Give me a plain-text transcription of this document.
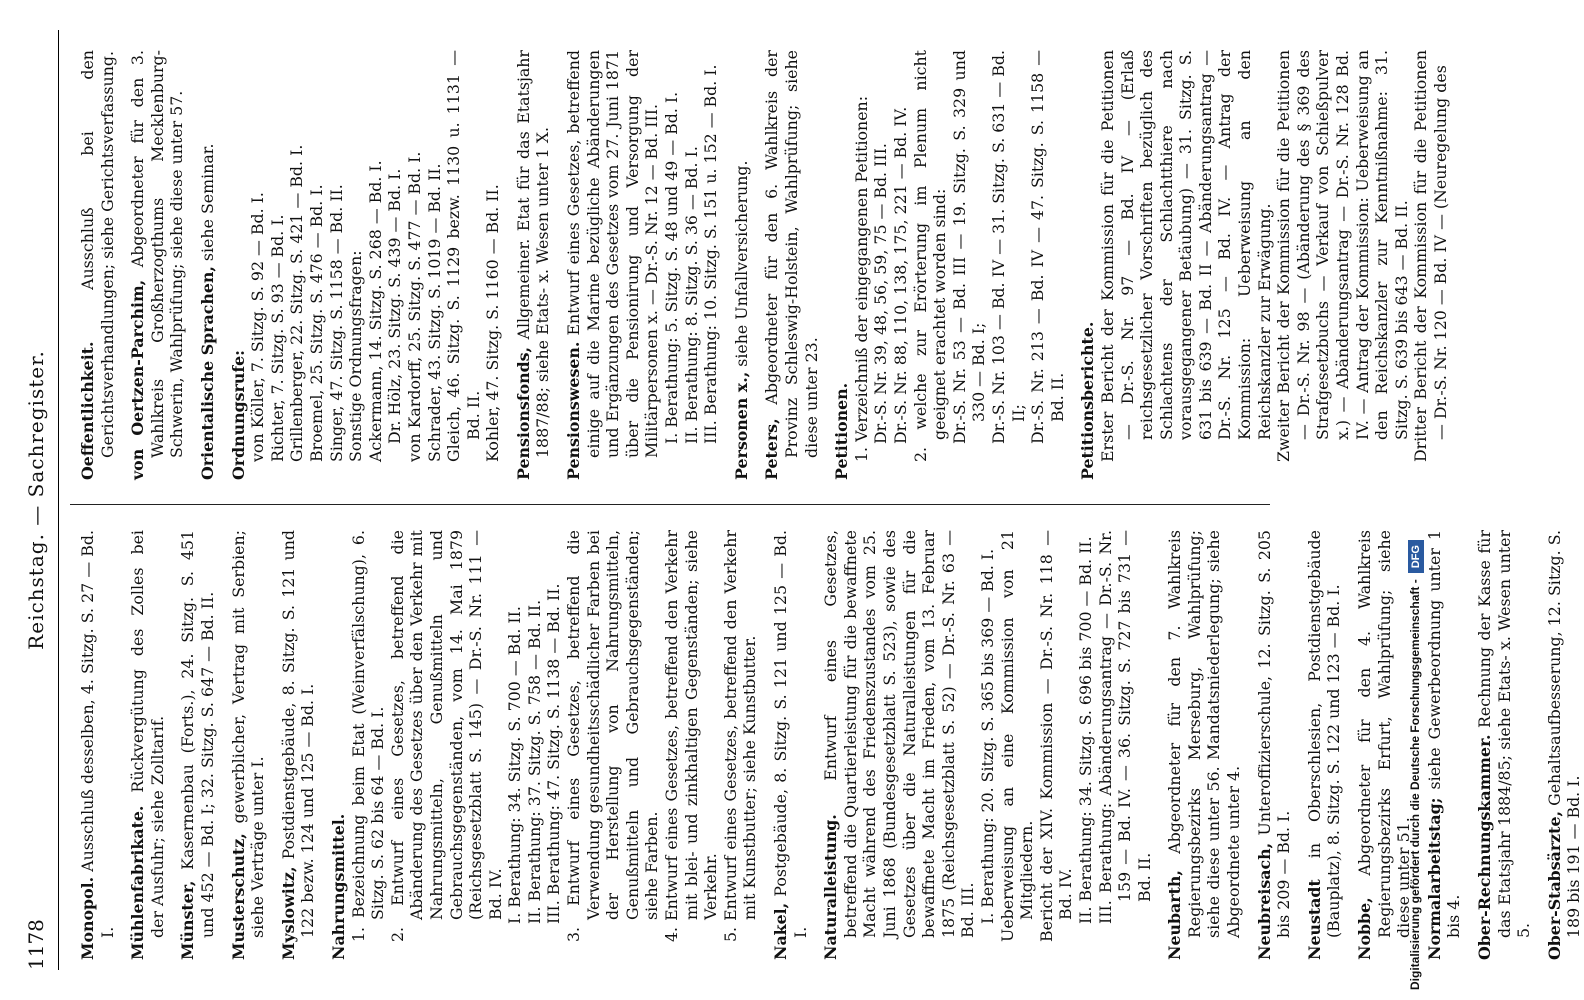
1178
Reichstag. — Sachregister.
Monopol. Ausschluß desselben, 4. Sitzg. S. 27 — Bd. I. Mühlenfabrikate. Rückvergütung des Zolles bei der Ausfuhr; siehe Zolltarif. Münster, Kasernenbau (Forts.), 24. Sitzg. S. 451 und 452 — Bd. I; 32. Sitzg. S. 647 — Bd. II. Musterschutz, gewerblicher, Vertrag mit Serbien; siehe Verträge unter I. Myslowitz, Postdienstgebäude, 8. Sitzg. S. 121 und 122 bezw. 124 und 125 — Bd. I. Nahrungsmittel. 1. Bezeichnung beim Etat (Weinverfälschung), 6. Sitzg. S. 62 bis 64 — Bd. I. 2. Entwurf eines Gesetzes, betreffend die Abänderung des Gesetzes über den Verkehr mit Nahrungsmitteln, Genußmitteln und Gebrauchsgegenständen, vom 14. Mai 1879 (Reichsgesetzblatt S. 145) — Dr.-S. Nr. 111 — Bd. IV. I. Berathung: 34. Sitzg. S. 700 — Bd. II. II. Berathung: 37. Sitzg. S. 758 — Bd. II. III. Berathung: 47. Sitzg. S. 1138 — Bd. II. 3. Entwurf eines Gesetzes, betreffend die Verwendung gesundheitsschädlicher Farben bei der Herstellung von Nahrungsmitteln, Genußmitteln und Gebrauchsgegenständen; siehe Farben. 4. Entwurf eines Gesetzes, betreffend den Verkehr mit blei- und zinkhaltigen Gegenständen; siehe Verkehr. 5. Entwurf eines Gesetzes, betreffend den Verkehr mit Kunstbutter; siehe Kunstbutter.
Nakel, Postgebäude, 8. Sitzg. S. 121 und 125 — Bd. I. Naturalleistung. Entwurf eines Gesetzes, betreffend die Quartierleistung für die bewaffnete Macht während des Friedenszustandes vom 25. Juni 1868 (Bundesgesetzblatt S. 523), sowie des Gesetzes über die Naturalleistungen für die bewaffnete Macht im Frieden, vom 13. Februar 1875 (Reichsgesetzblatt S. 52) — Dr.-S. Nr. 63 — Bd. III. I. Berathung: 20. Sitzg. S. 365 bis 369 — Bd. I. Ueberweisung an eine Kommission von 21 Mitgliedern. Bericht der XIV. Kommission — Dr.-S. Nr. 118 — Bd. IV. II. Berathung: 34. Sitzg. S. 696 bis 700 — Bd. II. III. Berathung: Abänderungsantrag — Dr.-S. Nr. 159 — Bd. IV. — 36. Sitzg. S. 727 bis 731 — Bd. II. Neubarth, Abgeordneter für den 7. Wahlkreis Regierungsbezirks Merseburg, Wahlprüfung; siehe diese unter 56. Mandatsniederlegung; siehe Abgeordnete unter 4. Neubreisach, Unteroffizierschule, 12. Sitzg. S. 205 bis 209 — Bd. I. Neustadt in Oberschlesien, Postdienstgebäude (Bauplatz), 8. Sitzg. S. 122 und 123 — Bd. I. Nobbe, Abgeordneter für den 4. Wahlkreis Regierungsbezirks Erfurt, Wahlprüfung; siehe diese unter 51. Normalarbeitstag; siehe Gewerbeordnung unter 1 bis 4. Ober-Rechnungskammer. Rechnung der Kasse für das Etatsjahr 1884/85; siehe Etats- x. Wesen unter 5. Ober-Stabsärzte, Gehaltsaufbesserung, 12. Sitzg. S. 189 bis 191 — Bd. I.
Oeffentlichkeit. Ausschluß bei den Gerichtsverhandlungen; siehe Gerichtsverfassung. von Oertzen-Parchim, Abgeordneter für den 3. Wahlkreis Großherzogthums Mecklenburg-Schwerin, Wahlprüfung; siehe diese unter 57. Orientalische Sprachen, siehe Seminar.
Ordnungsrufe: von Köller, 7. Sitzg. S. 92 — Bd. I. Richter, 7. Sitzg. S. 93 — Bd. I. Grillenberger, 22. Sitzg. S. 421 — Bd. I. Broemel, 25. Sitzg. S. 476 — Bd. I. Singer, 47. Sitzg. S. 1158 — Bd. II. Sonstige Ordnungsfragen: Ackermann, 14. Sitzg. S. 268 — Bd. I. Dr. Hölz, 23. Sitzg. S. 439 — Bd. I. von Kardorff, 25. Sitzg. S. 477 — Bd. I. Schrader, 43. Sitzg. S. 1019 — Bd. II. Gleich, 46. Sitzg. S. 1129 bezw. 1130 u. 1131 — Bd. II. Kohler, 47. Sitzg. S. 1160 — Bd. II. Pensionsfonds, Allgemeiner. Etat für das Etatsjahr 1887/88; siehe Etats- x. Wesen unter 1 X. Pensionswesen. Entwurf eines Gesetzes, betreffend einige auf die Marine bezügliche Abänderungen und Ergänzungen des Gesetzes vom 27. Juni 1871 über die Pensionirung und Versorgung der Militärpersonen x. — Dr.-S. Nr. 12 — Bd. III. I. Berathung: 5. Sitzg. S. 48 und 49 — Bd. I. II. Berathung: 8. Sitzg. S. 36 — Bd. I. III. Berathung: 10. Sitzg. S. 151 u. 152 — Bd. I. Personen x., siehe Unfallversicherung.
Peters, Abgeordneter für den 6. Wahlkreis der Provinz Schleswig-Holstein, Wahlprüfung; siehe diese unter 23. Petitionen. 1. Verzeichniß der eingegangenen Petitionen: Dr.-S. Nr. 39, 48, 56, 59, 75 — Bd. III. Dr.-S. Nr. 88, 110, 138, 175, 221 — Bd. IV. 2. welche zur Erörterung im Plenum nicht geeignet erachtet worden sind: Dr.-S. Nr. 53 — Bd. III — 19. Sitzg. S. 329 und 330 — Bd. I; Dr.-S. Nr. 103 — Bd. IV — 31. Sitzg. S. 631 — Bd. II; Dr.-S. Nr. 213 — Bd. IV — 47. Sitzg. S. 1158 — Bd. II. Petitionsberichte. Erster Bericht der Kommission für die Petitionen — Dr.-S. Nr. 97 — Bd. IV — (Erlaß reichsgesetzlicher Vorschriften bezüglich des Schlachtens der Schlachtthiere nach vorausgegangener Betäubung) — 31. Sitzg. S. 631 bis 639 — Bd. II — Abänderungsantrag — Dr.-S. Nr. 125 — Bd. IV. — Antrag der Kommission: Ueberweisung an den Reichskanzler zur Erwägung. Zweiter Bericht der Kommission für die Petitionen — Dr.-S. Nr. 98 — (Abänderung des § 369 des Strafgesetzbuchs — Verkauf von Schießpulver x.) — Abänderungsantrag — Dr.-S. Nr. 128 Bd. IV. — Antrag der Kommission: Ueberweisung an den Reichskanzler zur Kenntnißnahme: 31. Sitzg. S. 639 bis 643 — Bd. II. Dritter Bericht der Kommission für die Petitionen — Dr.-S. Nr. 120 — Bd. IV — (Neuregelung des
Digitalisierung gefördert durch die Deutsche Forschungsgemeinschaft -DFG
